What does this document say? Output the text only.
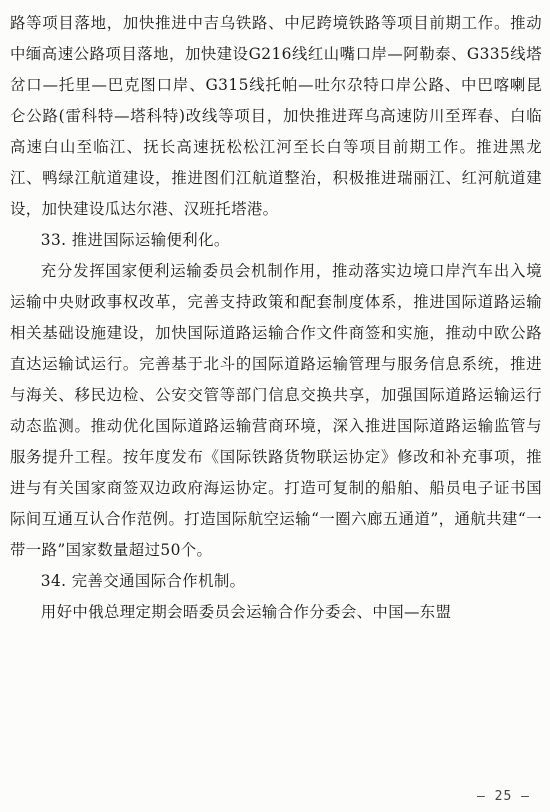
路等项目落地，加快推进中吉乌铁路、中尼跨境铁路等项目前期工作。推动中缅高速公路项目落地，加快建设G216线红山嘴口岸—阿勒泰、G335线塔岔口—托里—巴克图口岸、G315线托帕—吐尔尕特口岸公路、中巴喀喇昆仑公路(雷科特—塔科特)改线等项目，加快推进珲乌高速防川至珲春、白临高速白山至临江、抚长高速抚松松江河至长白等项目前期工作。推进黑龙江、鸭绿江航道建设，推进图们江航道整治，积极推进瑞丽江、红河航道建设，加快建设瓜达尔港、汉班托塔港。

33. 推进国际运输便利化。

充分发挥国家便利运输委员会机制作用，推动落实边境口岸汽车出入境运输中央财政事权改革，完善支持政策和配套制度体系，推进国际道路运输相关基础设施建设，加快国际道路运输合作文件商签和实施，推动中欧公路直达运输试运行。完善基于北斗的国际道路运输管理与服务信息系统，推进与海关、移民边检、公安交管等部门信息交换共享，加强国际道路运输运行动态监测。推动优化国际道路运输营商环境，深入推进国际道路运输监管与服务提升工程。按年度发布《国际铁路货物联运协定》修改和补充事项，推进与有关国家商签双边政府海运协定。打造可复制的船舶、船员电子证书国际间互通互认合作范例。打造国际航空运输“一圈六廊五通道”，通航共建“一带一路”国家数量超过50个。

34. 完善交通国际合作机制。

用好中俄总理定期会晤委员会运输合作分委会、中国—东盟

— 25 —
